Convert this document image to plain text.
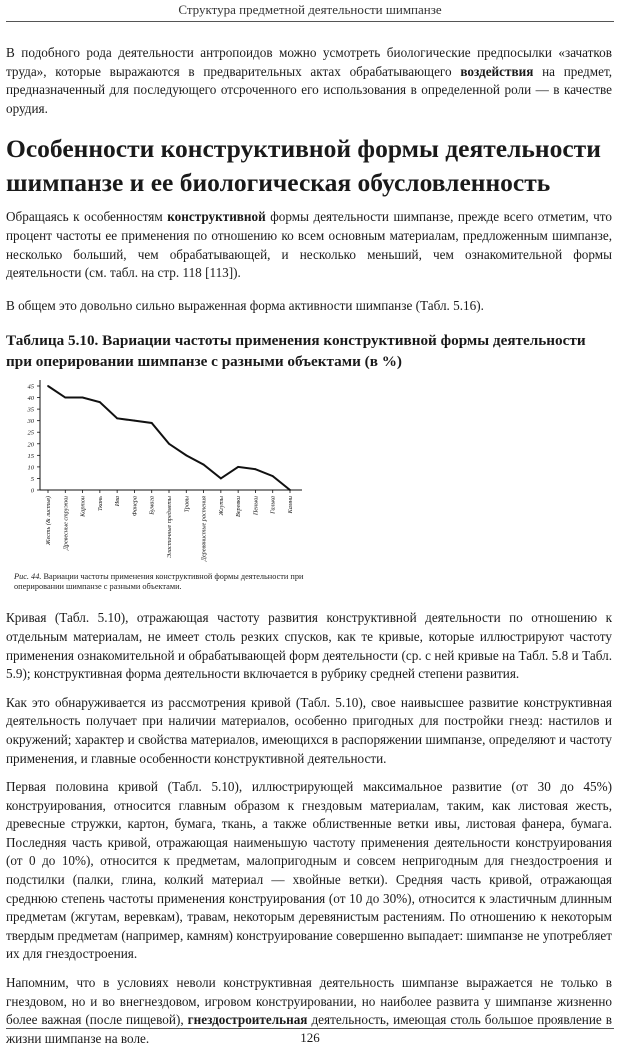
Структура предметной деятельности шимпанзе

В подобного рода деятельности антропоидов можно усмотреть биологические предпосылки «зачатков труда», которые выражаются в предварительных актах обрабатывающего воздействия на предмет, предназначенный для последующего отсроченного его использования в определенной роли — в качестве орудия.

Особенности конструктивной формы деятельности шимпанзе и ее биологическая обусловленность

Обращаясь к особенностям конструктивной формы деятельности шимпанзе, прежде всего отметим, что процент частоты ее применения по отношению ко всем основным материалам, предложенным шимпанзе, несколько больший, чем обрабатывающей, и несколько меньший, чем ознакомительной формы деятельности (см. табл. на стр. 118 [113]).

В общем это довольно сильно выраженная форма активности шимпанзе (Табл. 5.16).

Таблица 5.10. Вариации частоты применения конструктивной формы деятельности при оперировании шимпанзе с разными объектами (в %)
45
40
35
30
25
20
15
10
5
0
Жесть (& листья) Древесные стружки Картон Ткань Ива Фанера Бумага Эластичные предметы Травы Деревянистые растения Жгуты Веревки Пеньки Галька Камни
Рис. 44. Вариации частоты применения конструктивной формы деятельности при оперировании шимпанзе с разными объектами.

Кривая (Табл. 5.10), отражающая частоту развития конструктивной деятельности по отношению к отдельным материалам, не имеет столь резких спусков, как те кривые, которые иллюстрируют частоту применения ознакомительной и обрабатывающей форм деятельности (ср. с ней кривые на Табл. 5.8 и Табл. 5.9); конструктивная форма деятельности включается в рубрику средней степени развития.

Как это обнаруживается из рассмотрения кривой (Табл. 5.10), свое наивысшее развитие конструктивная деятельность получает при наличии материалов, особенно пригодных для постройки гнезд: настилов и окружений; характер и свойства материалов, имеющихся в распоряжении шимпанзе, определяют и частоту применения, и главные особенности конструктивной деятельности.

Первая половина кривой (Табл. 5.10), иллюстрирующей максимальное развитие (от 30 до 45%) конструирования, относится главным образом к гнездовым материалам, таким, как листовая жесть, древесные стружки, картон, бумага, ткань, а также облиственные ветки ивы, листовая фанера, бумага. Последняя часть кривой, отражающая наименьшую частоту применения деятельности конструирования (от 0 до 10%), относится к предметам, малопригодным и совсем непригодным для гнездостроения и подстилки (палки, глина, колкий материал — хвойные ветки). Средняя часть кривой, отражающая среднюю степень частоты применения конструирования (от 10 до 30%), относится к эластичным длинным предметам (жгутам, веревкам), травам, некоторым деревянистым растениям. По отношению к некоторым твердым предметам (например, камням) конструирование совершенно выпадает: шимпанзе не употребляет их для гнездостроения.

Напомним, что в условиях неволи конструктивная деятельность шимпанзе выражается не только в гнездовом, но и во внегнездовом, игровом конструировании, но наиболее развита у шимпанзе жизненно более важная (после пищевой), гнездостроительная деятельность, имеющая столь большое проявление в жизни шимпанзе на воле.	126
